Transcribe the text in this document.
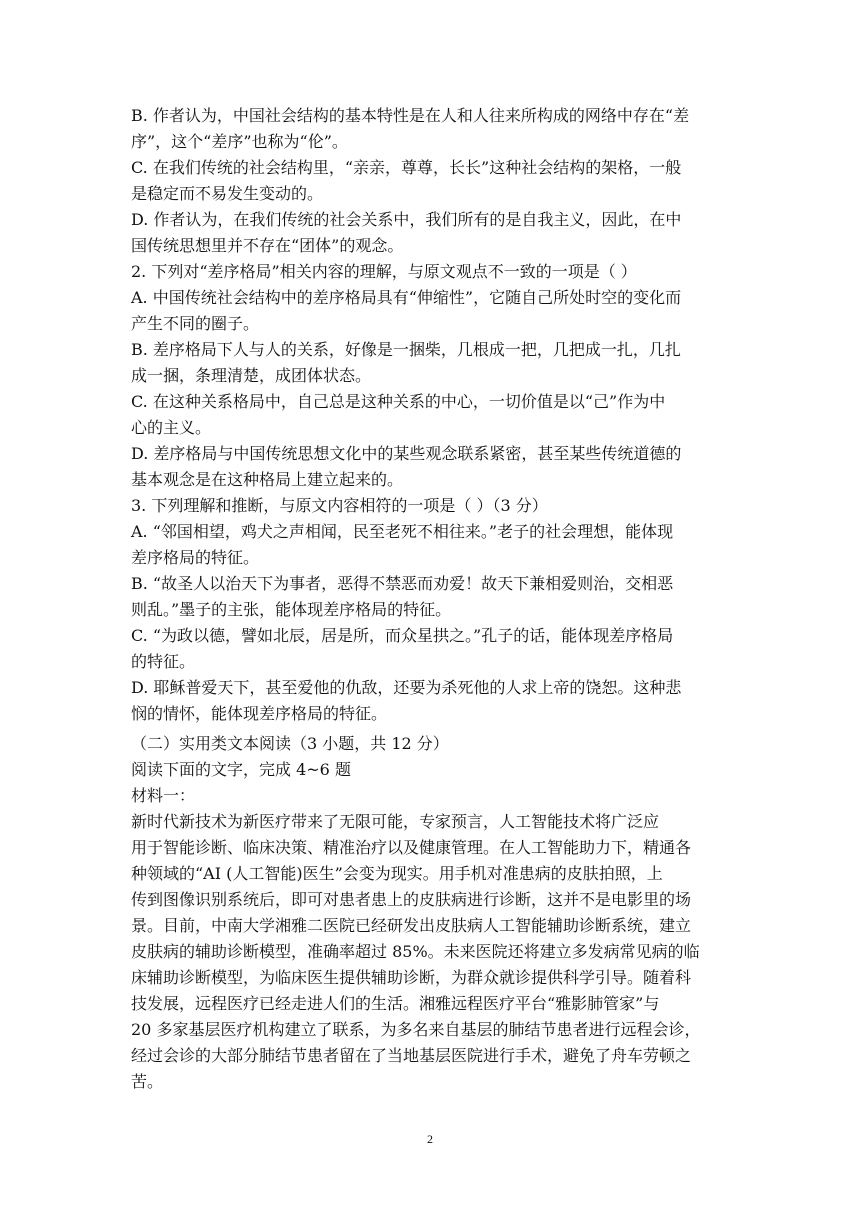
B. 作者认为，中国社会结构的基本特性是在人和人往来所构成的网络中存在“差
序”，这个“差序”也称为“伦”。
C. 在我们传统的社会结构里，“亲亲，尊尊，长长”这种社会结构的架格，一般
是稳定而不易发生变动的。
D. 作者认为，在我们传统的社会关系中，我们所有的是自我主义，因此，在中
国传统思想里并不存在“团体”的观念。
2. 下列对“差序格局”相关内容的理解，与原文观点不一致的一项是（ ）
A. 中国传统社会结构中的差序格局具有“伸缩性”，它随自己所处时空的变化而
产生不同的圈子。
B. 差序格局下人与人的关系，好像是一捆柴，几根成一把，几把成一扎，几扎
成一捆，条理清楚，成团体状态。
C. 在这种关系格局中，自己总是这种关系的中心，一切价值是以“己”作为中
心的主义。
D. 差序格局与中国传统思想文化中的某些观念联系紧密，甚至某些传统道德的
基本观念是在这种格局上建立起来的。
3. 下列理解和推断，与原文内容相符的一项是（ ）（3 分）
A. “邻国相望，鸡犬之声相闻，民至老死不相往来。”老子的社会理想，能体现
差序格局的特征。
B. “故圣人以治天下为事者，恶得不禁恶而劝爱！故天下兼相爱则治，交相恶
则乱。”墨子的主张，能体现差序格局的特征。
C. “为政以德，譬如北辰，居是所，而众星拱之。”孔子的话，能体现差序格局
的特征。
D. 耶稣普爱天下，甚至爱他的仇敌，还要为杀死他的人求上帝的饶恕。这种悲
悯的情怀，能体现差序格局的特征。
（二）实用类文本阅读（3 小题，共 12 分）
阅读下面的文字，完成 4~6 题
材料一：
新时代新技术为新医疗带来了无限可能，专家预言，人工智能技术将广泛应
用于智能诊断、临床决策、精准治疗以及健康管理。在人工智能助力下，精通各
种领域的“AI (人工智能)医生”会变为现实。用手机对准患病的皮肤拍照，上
传到图像识别系统后，即可对患者患上的皮肤病进行诊断，这并不是电影里的场
景。目前，中南大学湘雅二医院已经研发出皮肤病人工智能辅助诊断系统，建立
皮肤病的辅助诊断模型，准确率超过 85%。未来医院还将建立多发病常见病的临
床辅助诊断模型，为临床医生提供辅助诊断，为群众就诊提供科学引导。随着科
技发展，远程医疗已经走进人们的生活。湘雅远程医疗平台“雅影肺管家”与
20 多家基层医疗机构建立了联系，为多名来自基层的肺结节患者进行远程会诊，
经过会诊的大部分肺结节患者留在了当地基层医院进行手术，避免了舟车劳顿之
苦。
2
